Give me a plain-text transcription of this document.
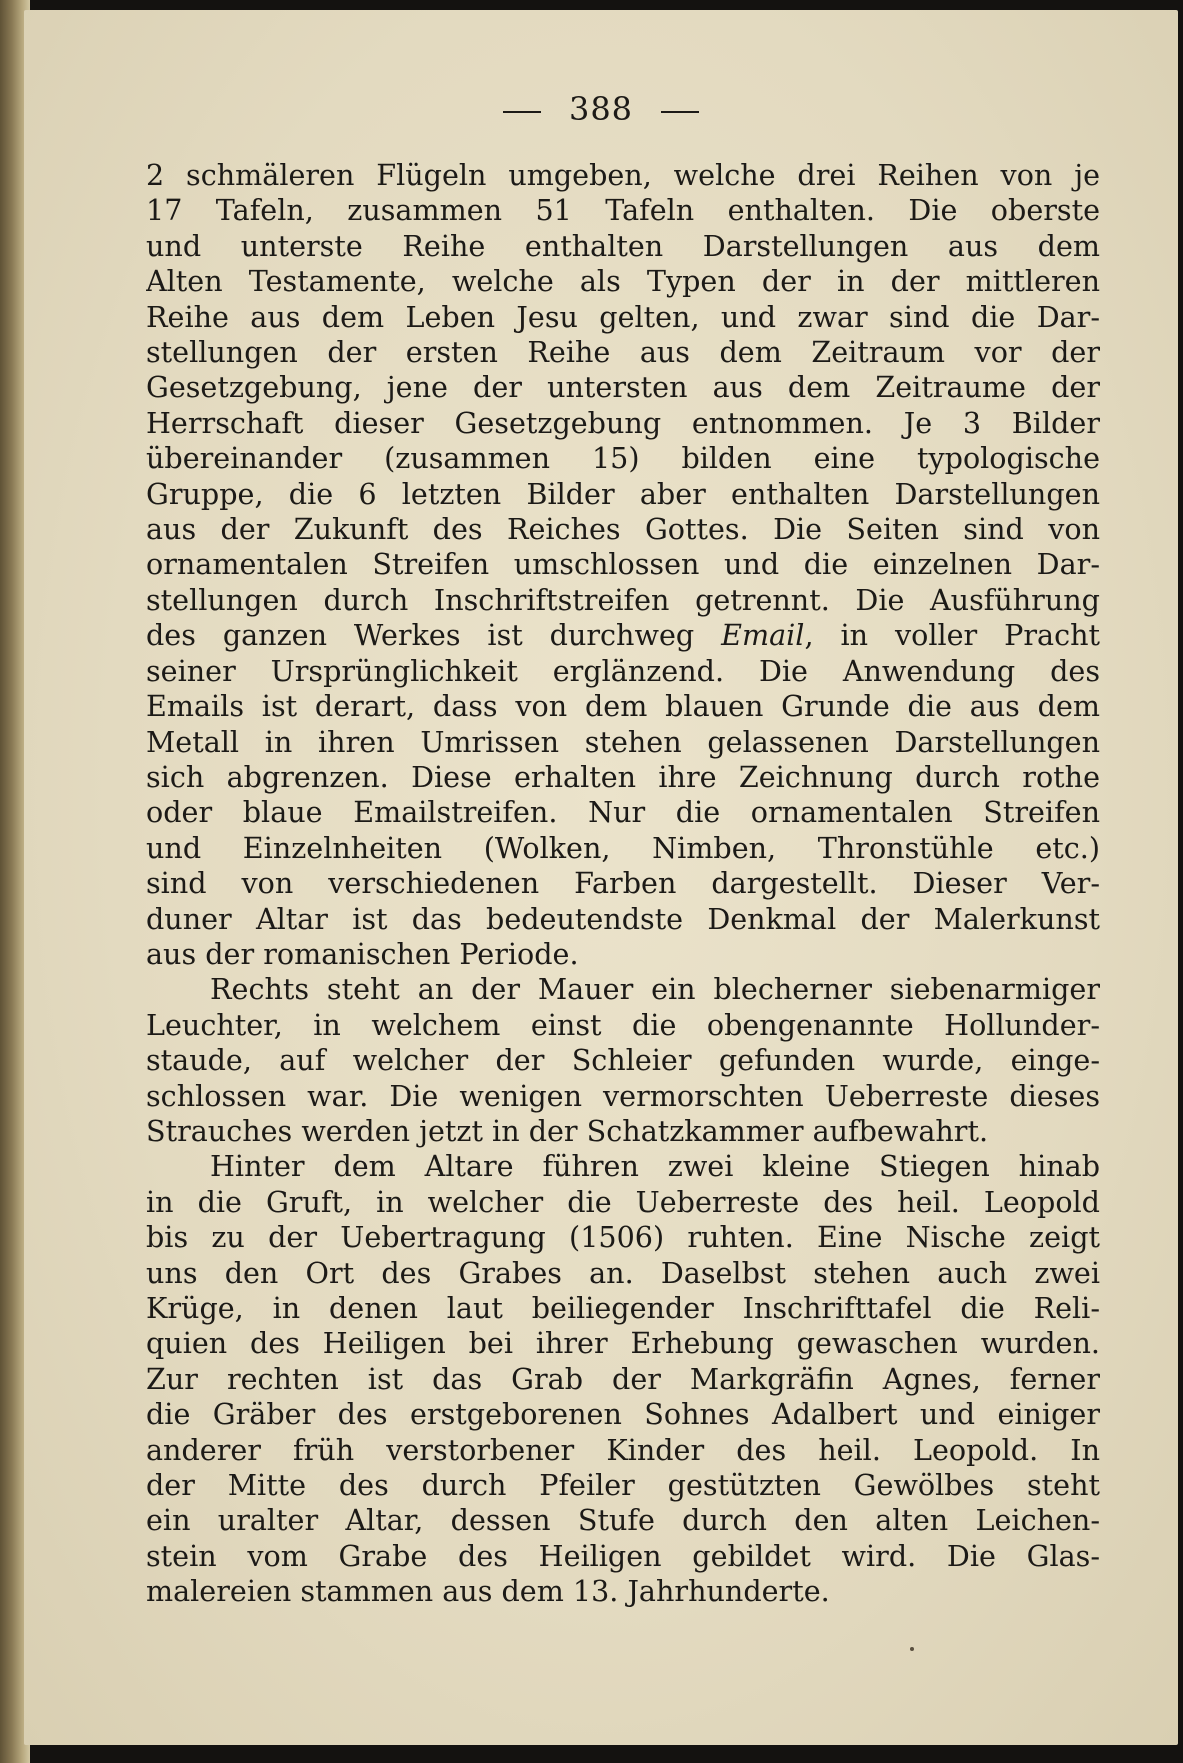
388

2 schmäleren Flügeln umgeben, welche drei Reihen von je

17 Tafeln, zusammen 51 Tafeln enthalten. Die oberste

und unterste Reihe enthalten Darstellungen aus dem

Alten Testamente, welche als Typen der in der mittleren

Reihe aus dem Leben Jesu gelten, und zwar sind die Dar-

stellungen der ersten Reihe aus dem Zeitraum vor der

Gesetzgebung, jene der untersten aus dem Zeitraume der

Herrschaft dieser Gesetzgebung entnommen. Je 3 Bilder

übereinander (zusammen 15) bilden eine typologische

Gruppe, die 6 letzten Bilder aber enthalten Darstellungen

aus der Zukunft des Reiches Gottes. Die Seiten sind von

ornamentalen Streifen umschlossen und die einzelnen Dar-

stellungen durch Inschriftstreifen getrennt. Die Ausführung

des ganzen Werkes ist durchweg Email, in voller Pracht

seiner Ursprünglichkeit erglänzend. Die Anwendung des

Emails ist derart, dass von dem blauen Grunde die aus dem

Metall in ihren Umrissen stehen gelassenen Darstellungen

sich abgrenzen. Diese erhalten ihre Zeichnung durch rothe

oder blaue Emailstreifen. Nur die ornamentalen Streifen

und Einzelnheiten (Wolken, Nimben, Thronstühle etc.)

sind von verschiedenen Farben dargestellt. Dieser Ver-

duner Altar ist das bedeutendste Denkmal der Malerkunst

aus der romanischen Periode.

Rechts steht an der Mauer ein blecherner siebenarmiger

Leuchter, in welchem einst die obengenannte Hollunder-

staude, auf welcher der Schleier gefunden wurde, einge-

schlossen war. Die wenigen vermorschten Ueberreste dieses

Strauches werden jetzt in der Schatzkammer aufbewahrt.

Hinter dem Altare führen zwei kleine Stiegen hinab

in die Gruft, in welcher die Ueberreste des heil. Leopold

bis zu der Uebertragung (1506) ruhten. Eine Nische zeigt

uns den Ort des Grabes an. Daselbst stehen auch zwei

Krüge, in denen laut beiliegender Inschrifttafel die Reli-

quien des Heiligen bei ihrer Erhebung gewaschen wurden.

Zur rechten ist das Grab der Markgräfin Agnes, ferner

die Gräber des erstgeborenen Sohnes Adalbert und einiger

anderer früh verstorbener Kinder des heil. Leopold. In

der Mitte des durch Pfeiler gestützten Gewölbes steht

ein uralter Altar, dessen Stufe durch den alten Leichen-

stein vom Grabe des Heiligen gebildet wird. Die Glas-

malereien stammen aus dem 13. Jahrhunderte.
